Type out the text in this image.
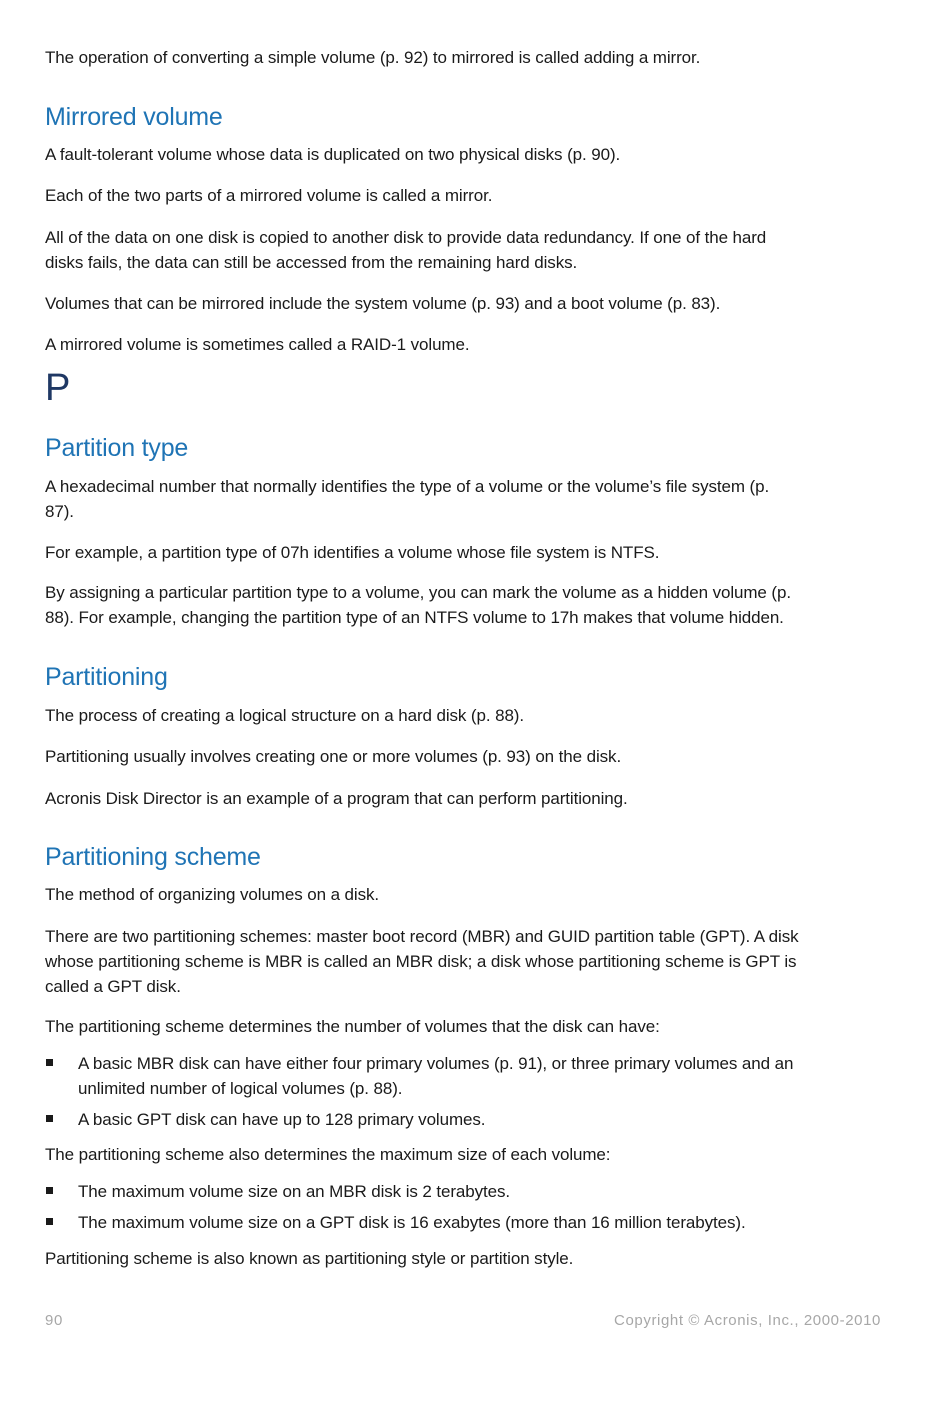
The operation of converting a simple volume (p. 92) to mirrored is called adding a mirror.

Mirrored volume

A fault-tolerant volume whose data is duplicated on two physical disks (p. 90).

Each of the two parts of a mirrored volume is called a mirror.

All of the data on one disk is copied to another disk to provide data redundancy. If one of the hard

disks fails, the data can still be accessed from the remaining hard disks.

Volumes that can be mirrored include the system volume (p. 93) and a boot volume (p. 83).

A mirrored volume is sometimes called a RAID-1 volume.

P
Partition type

A hexadecimal number that normally identifies the type of a volume or the volume’s file system (p.

87).

For example, a partition type of 07h identifies a volume whose file system is NTFS.

By assigning a particular partition type to a volume, you can mark the volume as a hidden volume (p.

88). For example, changing the partition type of an NTFS volume to 17h makes that volume hidden.

Partitioning

The process of creating a logical structure on a hard disk (p. 88).

Partitioning usually involves creating one or more volumes (p. 93) on the disk.

Acronis Disk Director is an example of a program that can perform partitioning.

Partitioning scheme

The method of organizing volumes on a disk.

There are two partitioning schemes: master boot record (MBR) and GUID partition table (GPT). A disk

whose partitioning scheme is MBR is called an MBR disk; a disk whose partitioning scheme is GPT is

called a GPT disk.

The partitioning scheme determines the number of volumes that the disk can have:

A basic MBR disk can have either four primary volumes (p. 91), or three primary volumes and an
unlimited number of logical volumes (p. 88).
A basic GPT disk can have up to 128 primary volumes.

The partitioning scheme also determines the maximum size of each volume:

The maximum volume size on an MBR disk is 2 terabytes.
The maximum volume size on a GPT disk is 16 exabytes (more than 16 million terabytes).

Partitioning scheme is also known as partitioning style or partition style.

90	Copyright © Acronis, Inc., 2000-2010
